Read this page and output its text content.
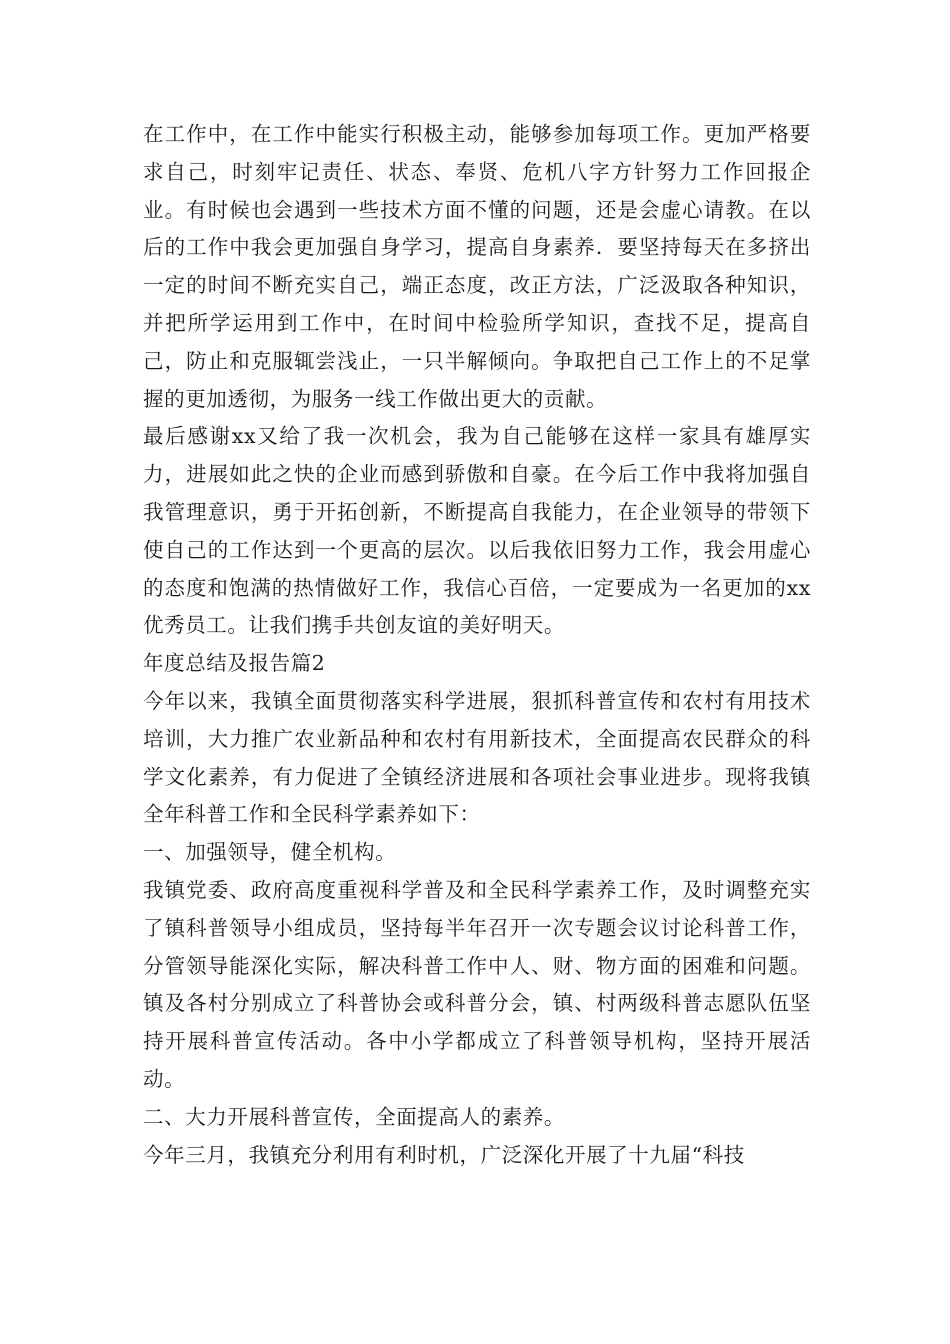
在工作中，在工作中能实行积极主动，能够参加每项工作。更加严格要求自己，时刻牢记责任、状态、奉贤、危机八字方针努力工作回报企业。有时候也会遇到一些技术方面不懂的问题，还是会虚心请教。在以后的工作中我会更加强自身学习，提高自身素养．要坚持每天在多挤出一定的时间不断充实自己，端正态度，改正方法，广泛汲取各种知识，并把所学运用到工作中，在时间中检验所学知识，查找不足，提高自己，防止和克服辄尝浅止，一只半解倾向。争取把自己工作上的不足掌握的更加透彻，为服务一线工作做出更大的贡献。

最后感谢xx又给了我一次机会，我为自己能够在这样一家具有雄厚实力，进展如此之快的企业而感到骄傲和自豪。在今后工作中我将加强自我管理意识，勇于开拓创新，不断提高自我能力，在企业领导的带领下使自己的工作达到一个更高的层次。以后我依旧努力工作，我会用虚心的态度和饱满的热情做好工作，我信心百倍，一定要成为一名更加的xx优秀员工。让我们携手共创友谊的美好明天。

年度总结及报告篇2

今年以来，我镇全面贯彻落实科学进展，狠抓科普宣传和农村有用技术培训，大力推广农业新品种和农村有用新技术，全面提高农民群众的科学文化素养，有力促进了全镇经济进展和各项社会事业进步。现将我镇全年科普工作和全民科学素养如下：

一、加强领导，健全机构。

我镇党委、政府高度重视科学普及和全民科学素养工作，及时调整充实了镇科普领导小组成员，坚持每半年召开一次专题会议讨论科普工作，分管领导能深化实际，解决科普工作中人、财、物方面的困难和问题。镇及各村分别成立了科普协会或科普分会，镇、村两级科普志愿队伍坚持开展科普宣传活动。各中小学都成立了科普领导机构，坚持开展活动。

二、大力开展科普宣传，全面提高人的素养。

今年三月，我镇充分利用有利时机，广泛深化开展了十九届“科技
